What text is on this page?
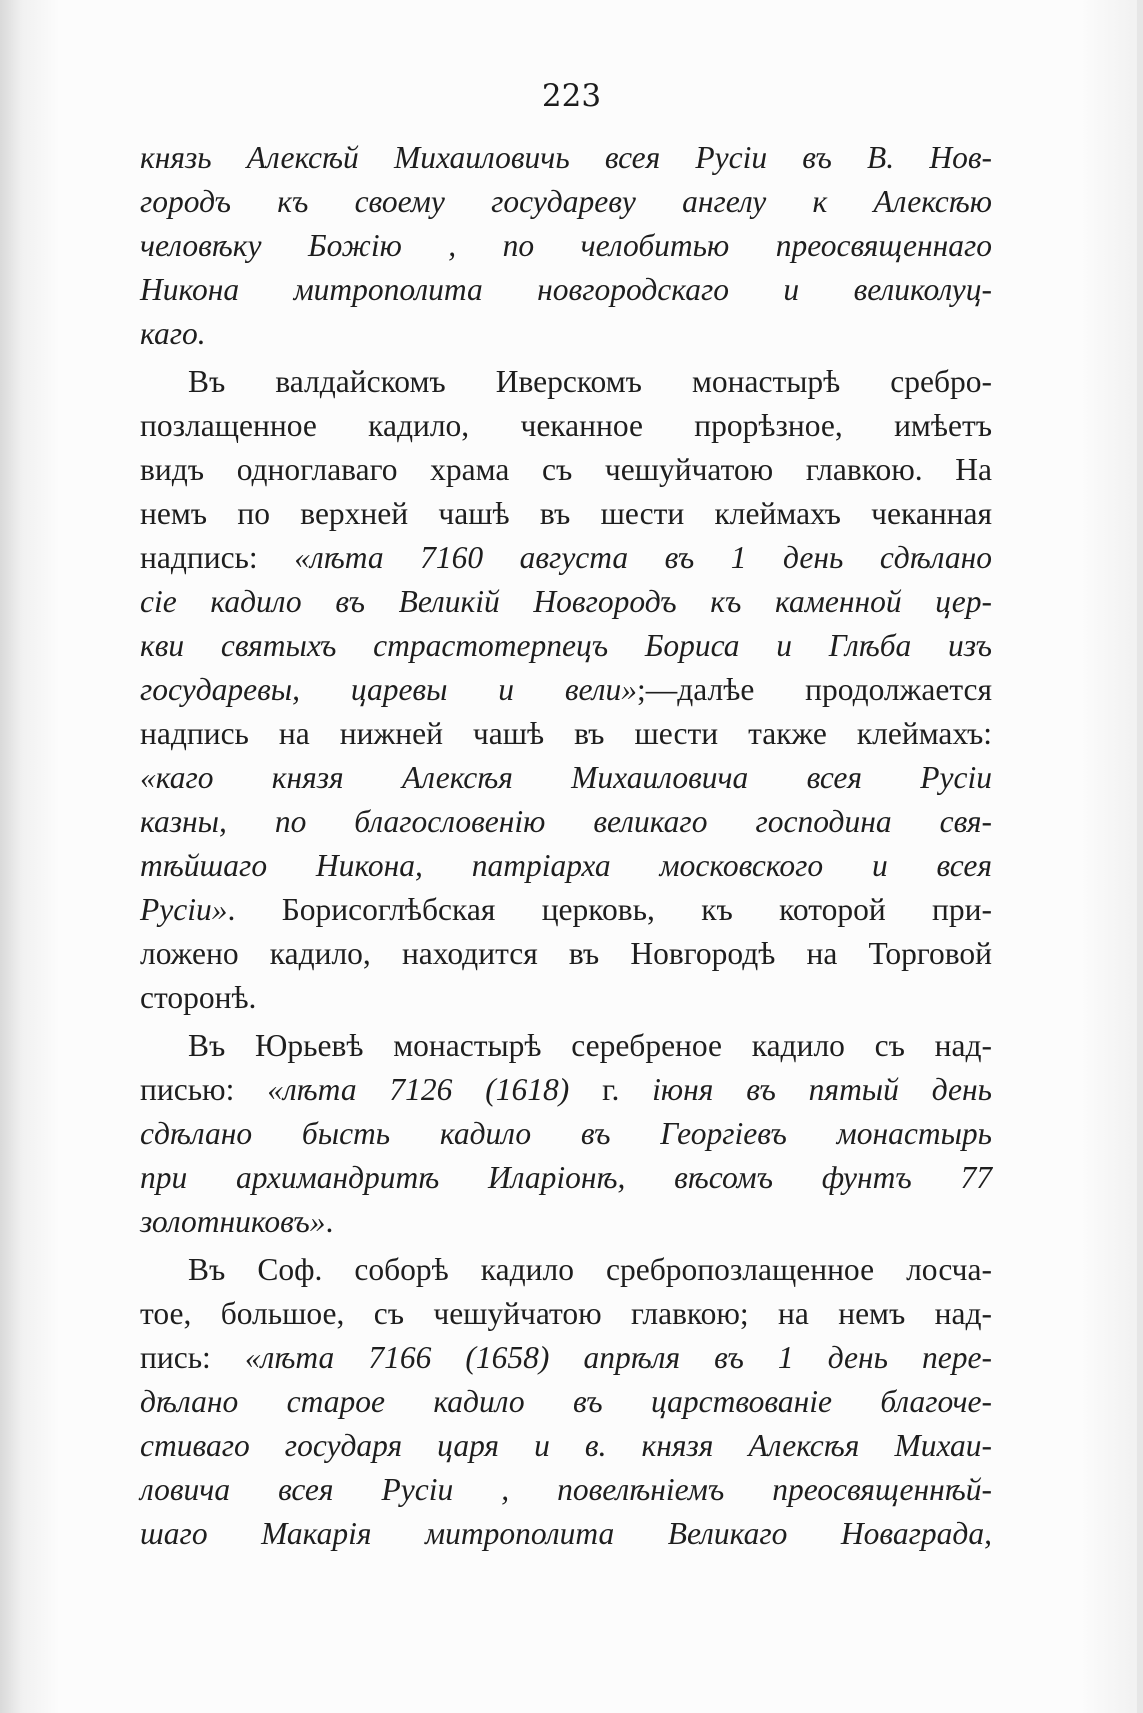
223
князь Алексѣй Михаиловичь всея Русіи въ В. Нов-
городъ къ своему государеву ангелу к Алексѣю
человѣку Божію , по челобитью преосвященнаго
Никона митрополита новгородскаго и великолуц-
каго.
Въ валдайскомъ Иверскомъ монастырѣ сребро-
позлащенное кадило, чеканное прорѣзное, имѣетъ
видъ одноглаваго храма съ чешуйчатою главкою. На
немъ по верхней чашѣ въ шести клеймахъ чеканная
надпись: «лѣта 7160 августа въ 1 день сдѣлано
сіе кадило въ Великій Новгородъ къ каменной цер-
кви святыхъ страстотерпецъ Бориса и Глѣба изъ
государевы, царевы и вели»;—далѣе продолжается
надпись на нижней чашѣ въ шести также клеймахъ:
«каго князя Алексѣя Михаиловича всея Русіи
казны, по благословенію великаго господина свя-
тѣйшаго Никона, патріарха московского и всея
Русіи». Борисоглѣбская церковь, къ которой при-
ложено кадило, находится въ Новгородѣ на Торговой
сторонѣ.
Въ Юрьевѣ монастырѣ серебреное кадило съ над-
писью: «лѣта 7126 (1618) г. іюня въ пятый день
сдѣлано бысть кадило въ Георгіевъ монастырь
при архимандритѣ Иларіонѣ, вѣсомъ фунтъ 77
золотниковъ».
Въ Соф. соборѣ кадило сребропозлащенное лосча-
тое, большое, съ чешуйчатою главкою; на немъ над-
пись: «лѣта 7166 (1658) апрѣля въ 1 день пере-
дѣлано старое кадило въ царствованіе благоче-
стиваго государя царя и в. князя Алексѣя Михаи-
ловича всея Русіи , повелѣніемъ преосвященнѣй-
шаго Макарія митрополита Великаго Новаграда,
